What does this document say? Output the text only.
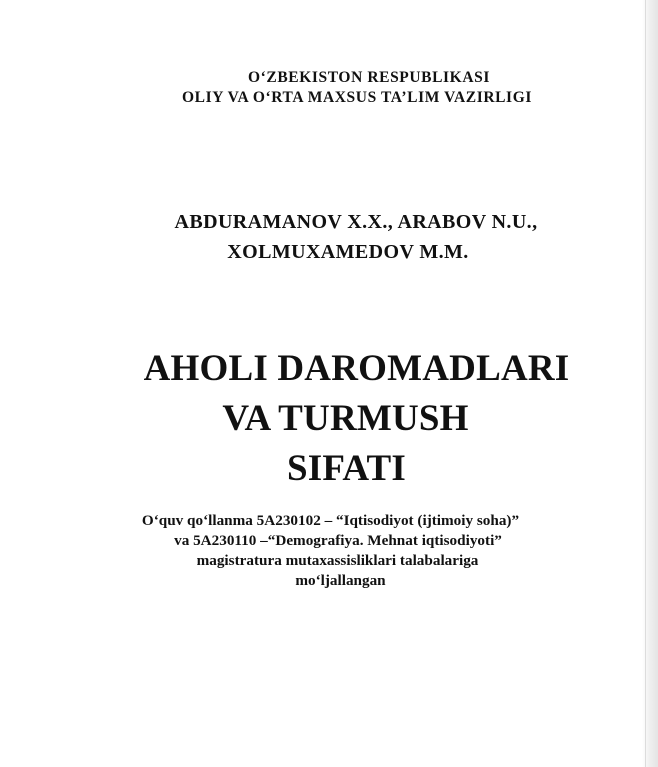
O‘ZBEKISTON RESPUBLIKASI
OLIY VA O‘RTA MAXSUS TA’LIM VAZIRLIGI
ABDURAMANOV X.X., ARABOV N.U.,
XOLMUXAMEDOV M.M.
AHOLI DAROMADLARI
VA TURMUSH
SIFATI
O‘quv qo‘llanma 5A230102 – “Iqtisodiyot (ijtimoiy soha)”
va 5A230110 –“Demografiya. Mehnat iqtisodiyoti”
magistratura mutaxassisliklari talabalariga
mo‘ljallangan
